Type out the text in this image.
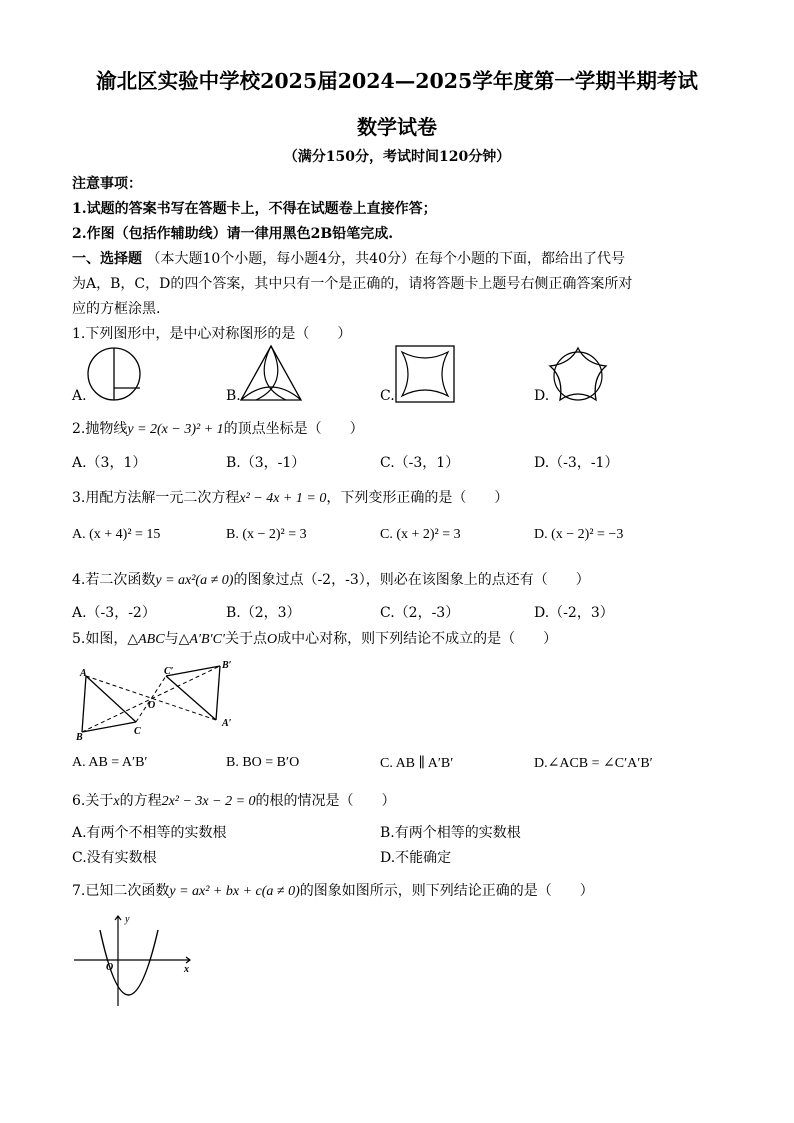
渝北区实验中学校2025届2024—2025学年度第一学期半期考试
数学试卷
（满分150分，考试时间120分钟）
注意事项：
1.试题的答案书写在答题卡上，不得在试题卷上直接作答；
2.作图（包括作辅助线）请一律用黑色2B铅笔完成.
一、选择题 （本大题10个小题，每小题4分，共40分）在每个小题的下面，都给出了代号
为A，B，C，D的四个答案，其中只有一个是正确的，请将答题卡上题号右侧正确答案所对
应的方框涂黑.
1.下列图形中，是中心对称图形的是（　　）
A.	B.	C.	D.
2.抛物线y = 2(x − 3)² + 1的顶点坐标是（　　）
A.（3，1）	B.（3，-1）	C.（-3，1）	D.（-3，-1）
3.用配方法解一元二次方程x² − 4x + 1 = 0，下列变形正确的是（　　）
A. (x + 4)² = 15	B. (x − 2)² = 3	C. (x + 2)² = 3	D. (x − 2)² = −3
4.若二次函数y = ax²(a ≠ 0)的图象过点（-2，-3），则必在该图象上的点还有（　　）
A.（-3，-2）	B.（2，3）	C.（2，-3）	D.（-2，3）
5.如图，△ABC与△A′B′C′关于点O成中心对称，则下列结论不成立的是（　　）
A
B
C
O
A′
B′
C′
A. AB = A′B′	B. BO = B′O	C. AB ∥ A′B′	D.∠ACB = ∠C′A′B′
6.关于x的方程2x² − 3x − 2 = 0的根的情况是（　　）
A.有两个不相等的实数根	B.有两个相等的实数根
C.没有实数根	D.不能确定
7.已知二次函数y = ax² + bx + c(a ≠ 0)的图象如图所示，则下列结论正确的是（　　）
y
x
O
